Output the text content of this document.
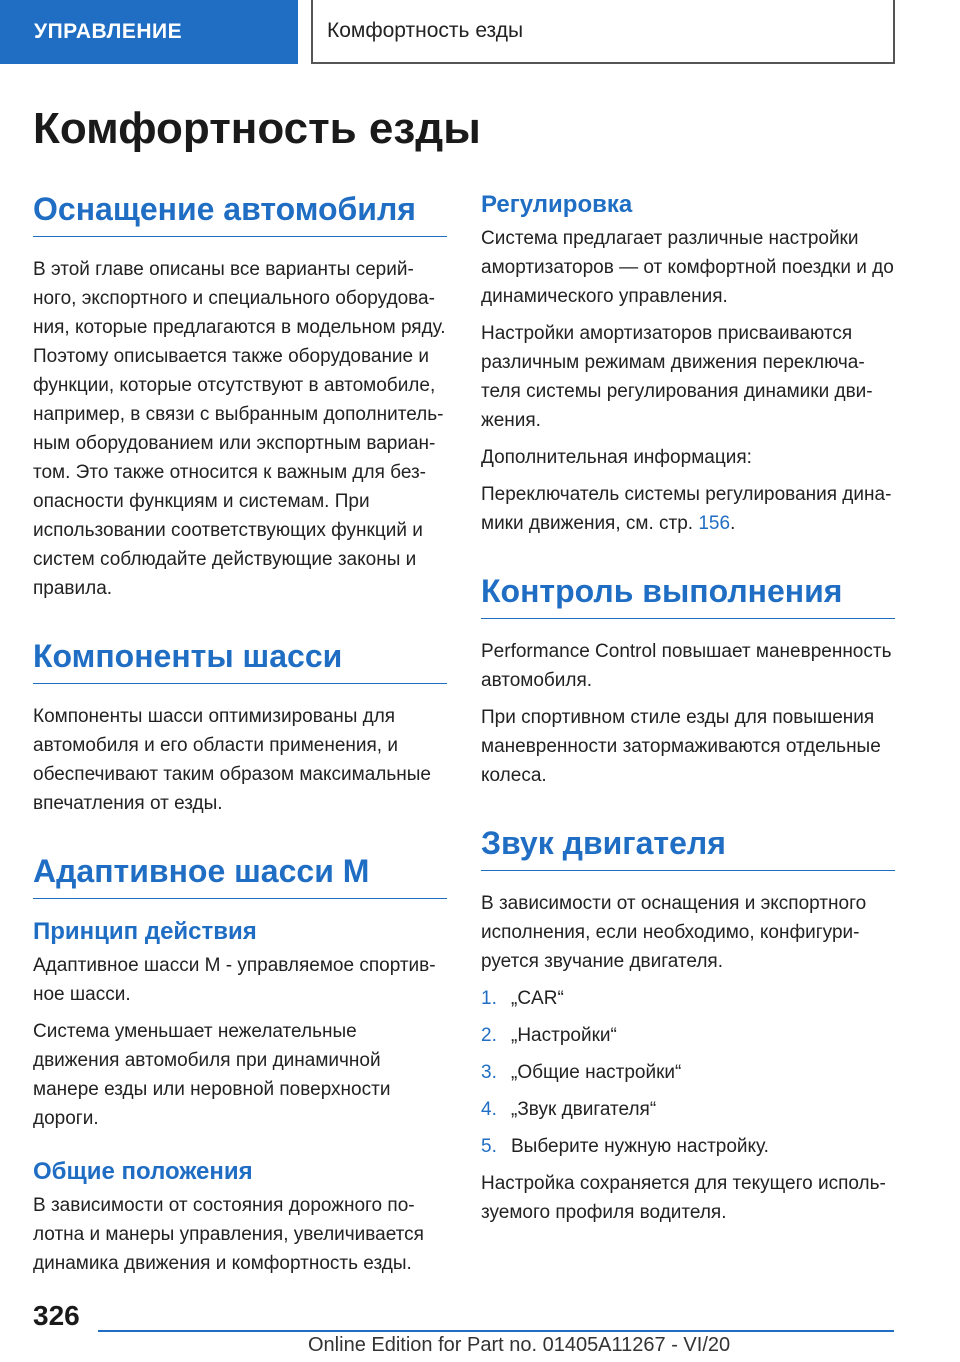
УПРАВЛЕНИЕ	Комфортность езды
Комфортность езды
Оснащение автомобиля

В этой главе описаны все варианты серий-ного, экспортного и специального оборудова-ния, которые предлагаются в модельном ряду. Поэтому описывается также оборудование и функции, которые отсутствуют в автомобиле, например, в связи с выбранным дополнитель-ным оборудованием или экспортным вариан-том. Это также относится к важным для без-опасности функциям и системам. При использовании соответствующих функций и систем соблюдайте действующие законы и правила.

Компоненты шасси

Компоненты шасси оптимизированы для автомобиля и его области применения, и обеспечивают таким образом максимальные впечатления от езды.

Адаптивное шасси M
Принцип действия

Адаптивное шасси M - управляемое спортив-ное шасси.

Система уменьшает нежелательные движения автомобиля при динамичной манере езды или неровной поверхности дороги.

Общие положения

В зависимости от состояния дорожного по-лотна и манеры управления, увеличивается динамика движения и комфортность езды.

Регулировка

Система предлагает различные настройки амортизаторов — от комфортной поездки и до динамического управления.

Настройки амортизаторов присваиваются различным режимам движения переключа-теля системы регулирования динамики дви-жения.

Дополнительная информация:

Переключатель системы регулирования дина-мики движения, см. стр. 156.

Контроль выполнения

Performance Control повышает маневренность автомобиля.

При спортивном стиле езды для повышения маневренности затормаживаются отдельные колеса.

Звук двигателя

В зависимости от оснащения и экспортного исполнения, если необходимо, конфигури-руется звучание двигателя.

1. „CAR“
2. „Настройки“
3. „Общие настройки“
4. „Звук двигателя“
5. Выберите нужную настройку.

Настройка сохраняется для текущего исполь-зуемого профиля водителя.

326
Online Edition for Part no. 01405A11267 - VI/20
